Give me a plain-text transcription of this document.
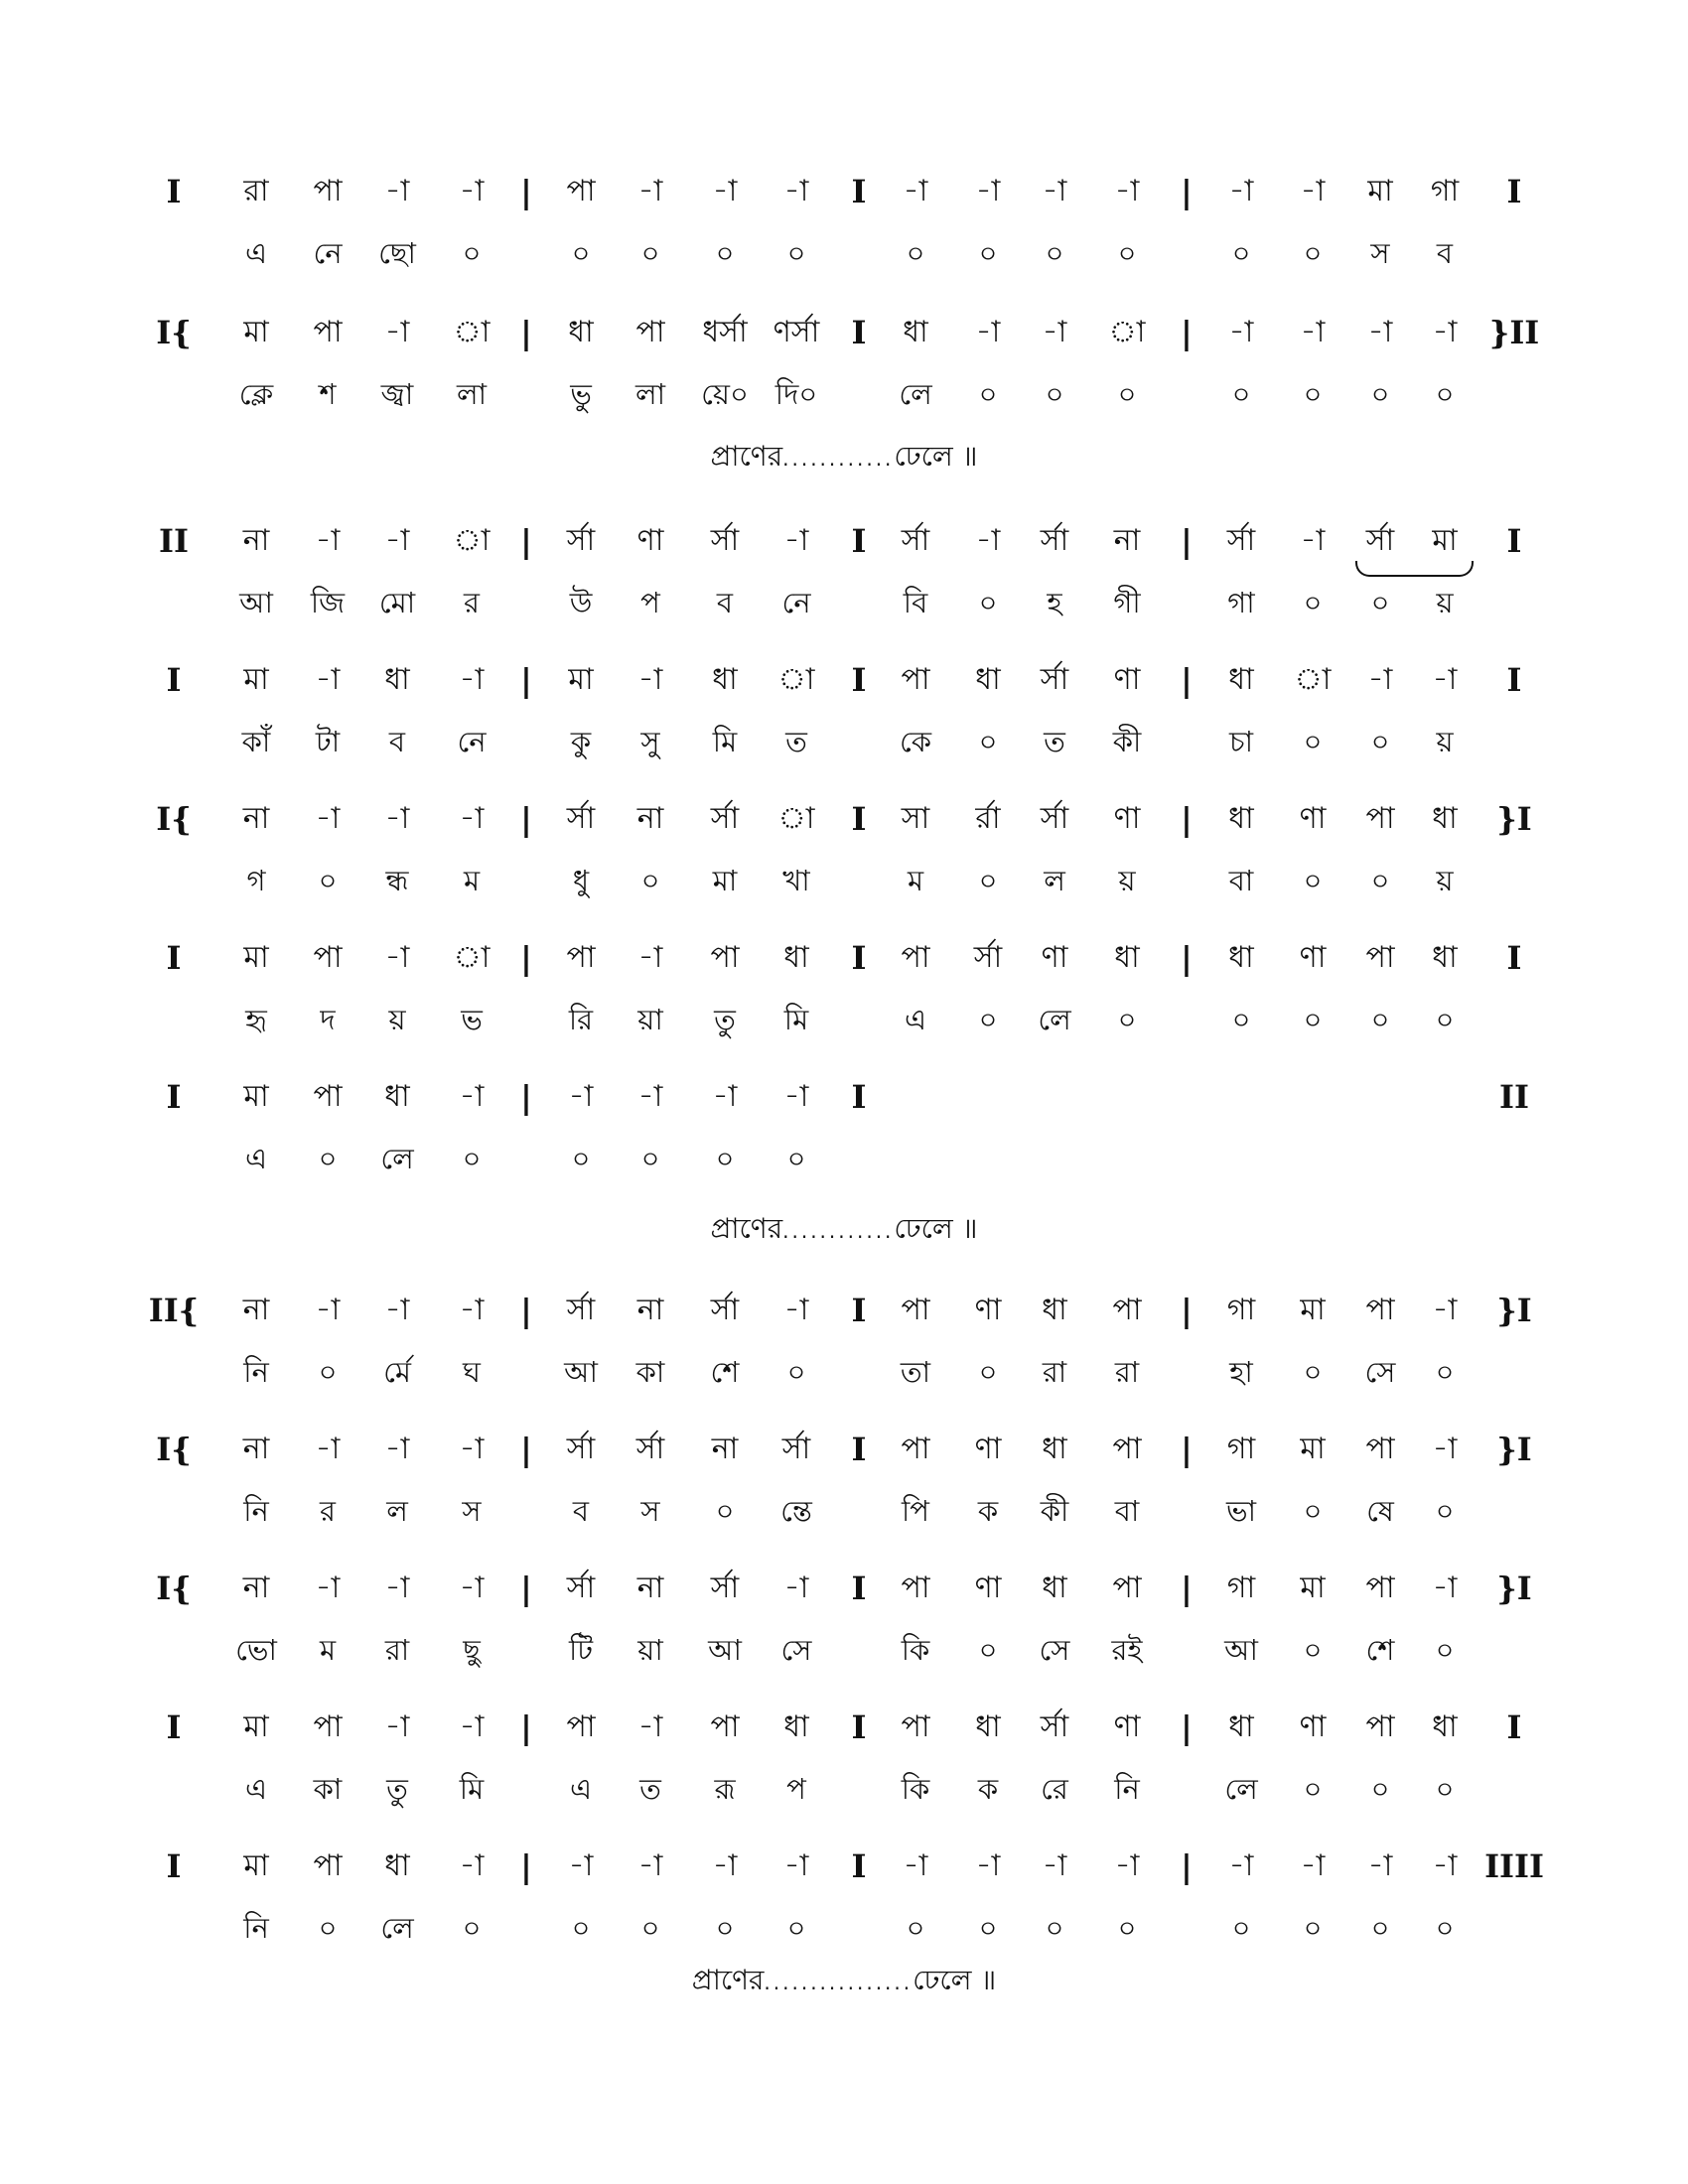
I রা পা -া -া | পা -া -া -া I -া -া -া -া | -া -া মা গা I
এ নে ছো ০	০ ০ ০ ০	০ ০ ০ ০	০ ০ স ব
I{ মা পা -া া | ধা পা ধর্সা ণর্সা I ধা -া -া া | -া -া -া -া }II
ক্লে শ জ্বা লা	ভু লা য়ে০ দি০	লে ০ ০ ০	০ ০ ০ ০
II না -া -া া | র্সা ণা র্সা -া I র্সা -া র্সা না | র্সা -া র্সা মা I
আ জি মো র	উ প ব নে	বি ০ হ গী	গা ০ ০ য়
I মা -া ধা -া | মা -া ধা া I পা ধা র্সা ণা | ধা া -া -া I
কাঁ টা ব নে	কু সু মি ত	কে ০ ত কী	চা ০ ০ য়
I{ না -া -া -া | র্সা না র্সা া I সা র্রা র্সা ণা | ধা ণা পা ধা }I
গ ০ ন্ধ ম	ধু ০ মা খা	ম ০ ল য়	বা ০ ০ য়
I মা পা -া া | পা -া পা ধা I পা র্সা ণা ধা | ধা ণা পা ধা I
হৃ দ য় ভ	রি য়া তু মি	এ ০ লে ০	০ ০ ০ ০
I মা পা ধা -া | -া -া -া -া I	II
এ ০ লে ০	০ ০ ০ ০
II{ না -া -া -া | র্সা না র্সা -া I পা ণা ধা পা | গা মা পা -া }I
নি ০ র্মে ঘ	আ কা শে ০	তা ০ রা রা	হা ০ সে ০
I{ না -া -া -া | র্সা র্সা না র্সা I পা ণা ধা পা | গা মা পা -া }I
নি র ল স	ব স ০ ন্তে	পি ক কী বা	ভা ০ ষে ০
I{ না -া -া -া | র্সা না র্সা -া I পা ণা ধা পা | গা মা পা -া }I
ভো ম রা ছু	টি য়া আ সে	কি ০ সে রই	আ ০ শে ০
I মা পা -া -া | পা -া পা ধা I পা ধা র্সা ণা | ধা ণা পা ধা I
এ কা তু মি	এ ত রূ প	কি ক রে নি	লে ০ ০ ০
I মা পা ধা -া | -া -া -া -া I -া -া -া -া | -া -া -া -া IIII
নি ০ লে ০	০ ০ ০ ০	০ ০ ০ ০	০ ০ ০ ০
প্রাণের............ঢেলে ॥
প্রাণের............ঢেলে ॥
প্রাণের................ঢেলে ॥
